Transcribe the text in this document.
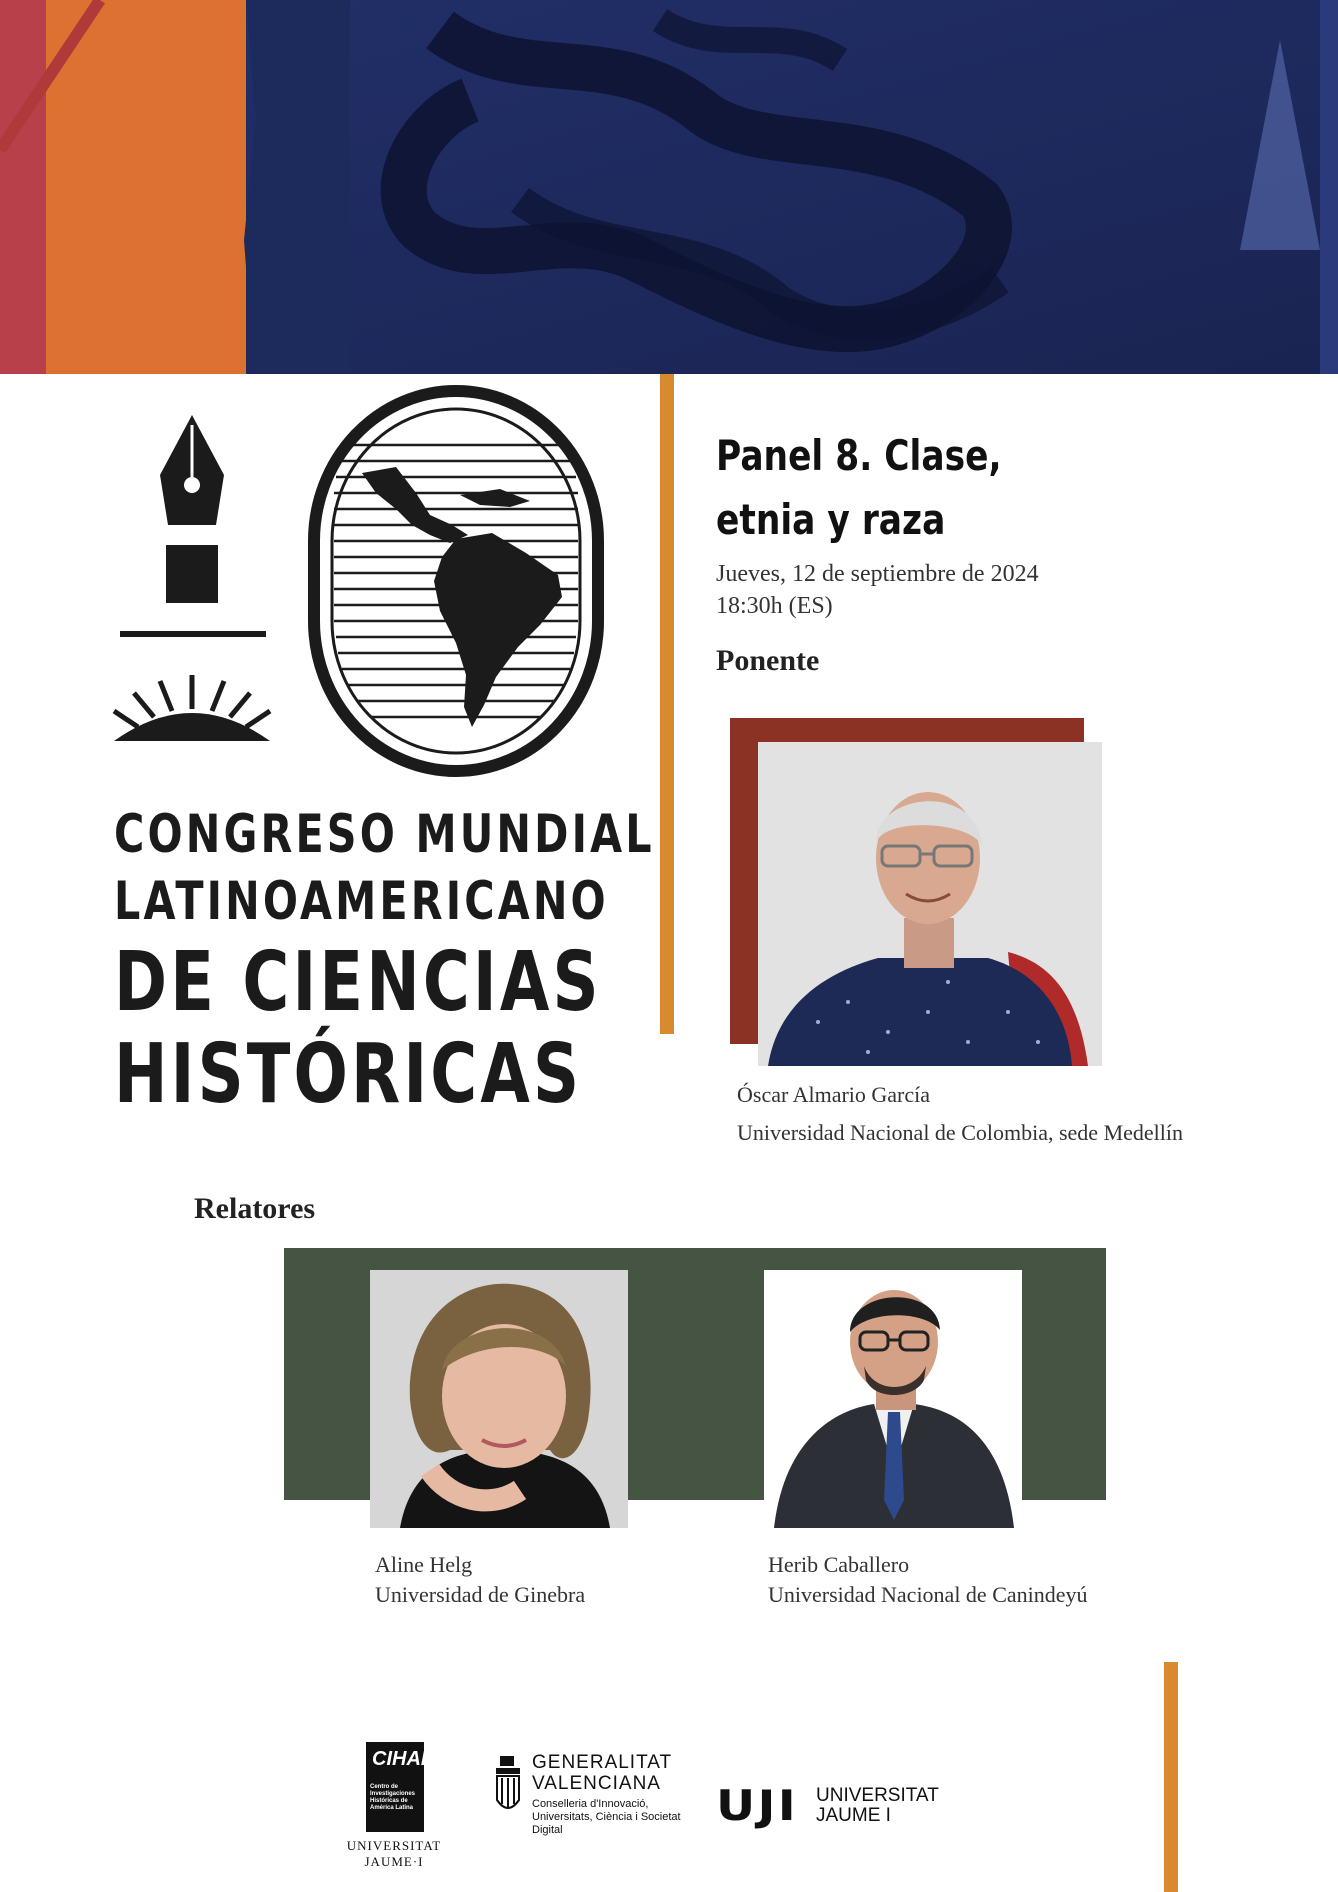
CONGRESO MUNDIAL
LATINOAMERICANO
DE CIENCIAS
HISTÓRICAS
Panel 8. Clase, etnia y raza
Jueves, 12 de septiembre de 2024
18:30h (ES)
Ponente
Óscar Almario García
Universidad Nacional de Colombia, sede Medellín
Relatores
Aline Helg
Universidad de Ginebra
Herib Caballero
Universidad Nacional de Canindeyú
CIHAL
Centro de Investigaciones Históricas de América Latina
UNIVERSITAT
JAUME·I
GENERALITAT
VALENCIANA
Conselleria d'Innovació, Universitats, Ciència i Societat Digital	UJI UNIVERSITAT
JAUME I
